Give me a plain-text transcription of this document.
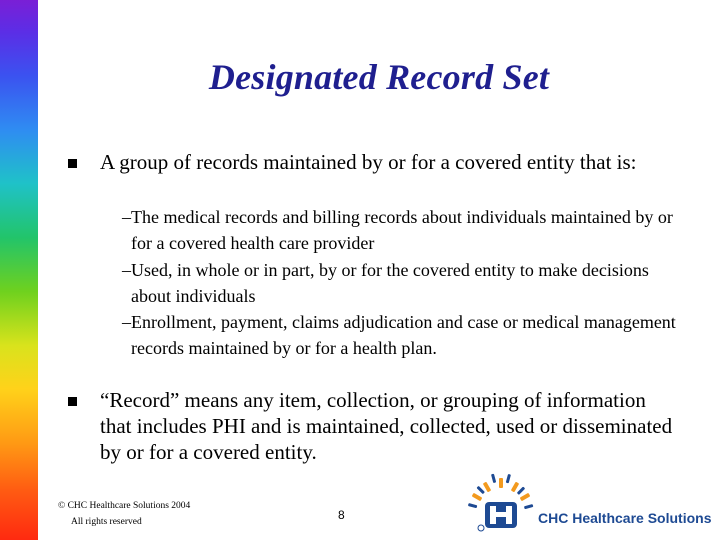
Designated Record Set
A group of records maintained by or for a covered entity that is:
– The medical records and billing records about individuals maintained by or for a covered health care provider
– Used, in whole or in part, by or for the covered entity to make decisions about individuals
– Enrollment, payment, claims adjudication and case or medical management records maintained by or for a health plan.
“Record” means any item, collection, or grouping of information that includes PHI and is maintained, collected, used or disseminated by or for a covered entity.
© CHC Healthcare Solutions 2004
All rights reserved	8	CHC Healthcare Solutions
